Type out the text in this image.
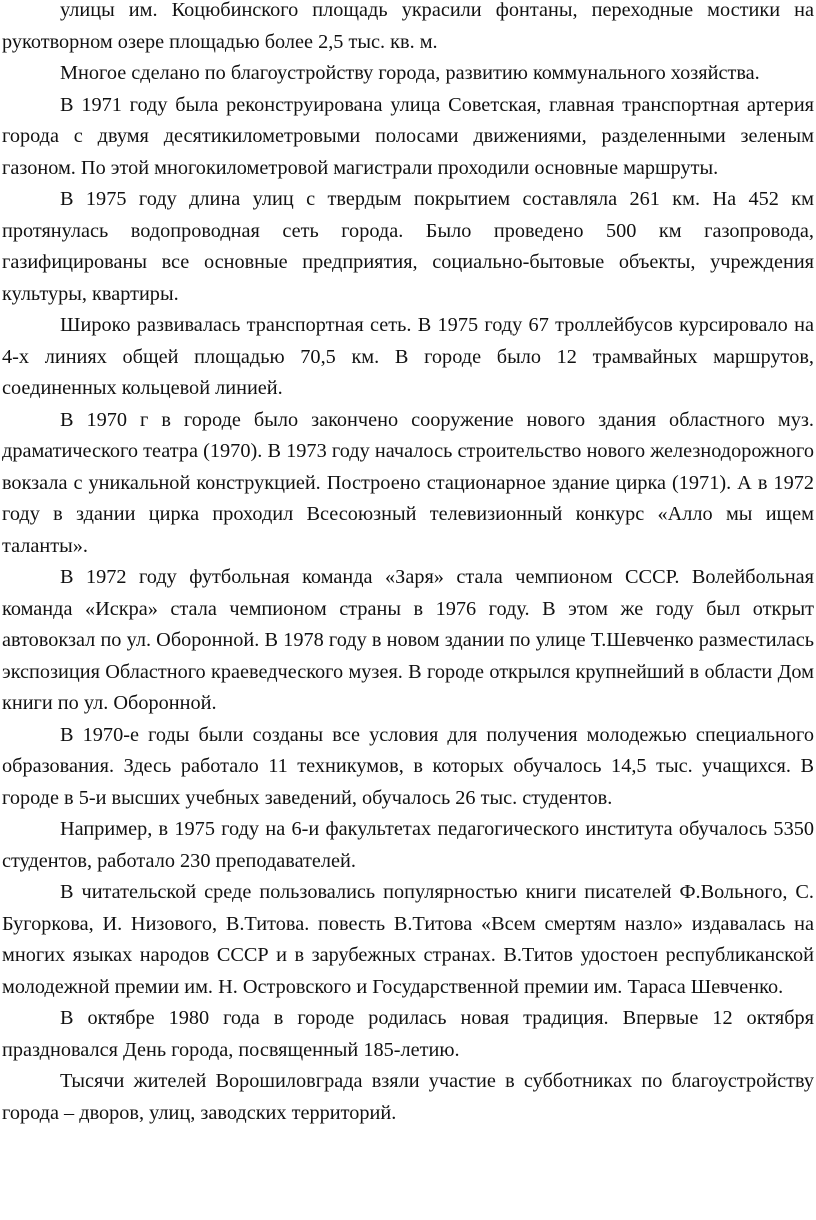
улицы им. Коцюбинского площадь украсили фонтаны, переходные мостики на рукотворном озере площадью более 2,5 тыс. кв. м.

Многое сделано по благоустройству города, развитию коммунального хозяйства.

В 1971 году была реконструирована улица Советская, главная транспортная артерия города с двумя десятикилометровыми полосами движениями, разделенными зеленым газоном. По этой многокилометровой магистрали проходили основные маршруты.

В 1975 году длина улиц с твердым покрытием составляла 261 км. На 452 км протянулась водопроводная сеть города. Было проведено 500 км газопровода, газифицированы все основные предприятия, социально-бытовые объекты, учреждения культуры, квартиры.

Широко развивалась транспортная сеть. В 1975 году 67 троллейбусов курсировало на 4-х линиях общей площадью 70,5 км. В городе было 12 трамвайных маршрутов, соединенных кольцевой линией.

В 1970 г в городе было закончено сооружение нового здания областного муз. драматического театра (1970). В 1973 году началось строительство нового железнодорожного вокзала с уникальной конструкцией. Построено стационарное здание цирка (1971). А в 1972 году в здании цирка проходил Всесоюзный телевизионный конкурс «Алло мы ищем таланты».

В 1972 году футбольная команда «Заря» стала чемпионом СССР. Волейбольная команда «Искра» стала чемпионом страны в 1976 году. В этом же году был открыт автовокзал по ул. Оборонной. В 1978 году в новом здании по улице Т.Шевченко разместилась экспозиция Областного краеведческого музея. В городе открылся крупнейший в области Дом книги по ул. Оборонной.

В 1970-е годы были созданы все условия для получения молодежью специального образования. Здесь работало 11 техникумов, в которых обучалось 14,5 тыс. учащихся. В городе в 5-и высших учебных заведений, обучалось 26 тыс. студентов.

Например, в 1975 году на 6-и факультетах педагогического института обучалось 5350 студентов, работало 230 преподавателей.

В читательской среде пользовались популярностью книги писателей Ф.Вольного, С. Бугоркова, И. Низового, В.Титова. повесть В.Титова «Всем смертям назло» издавалась на многих языках народов СССР и в зарубежных странах. В.Титов удостоен республиканской молодежной премии им. Н. Островского и Государственной премии им. Тараса Шевченко.

В октябре 1980 года в городе родилась новая традиция. Впервые 12 октября праздновался День города, посвященный 185-летию.

Тысячи жителей Ворошиловграда взяли участие в субботниках по благоустройству города – дворов, улиц, заводских территорий.
